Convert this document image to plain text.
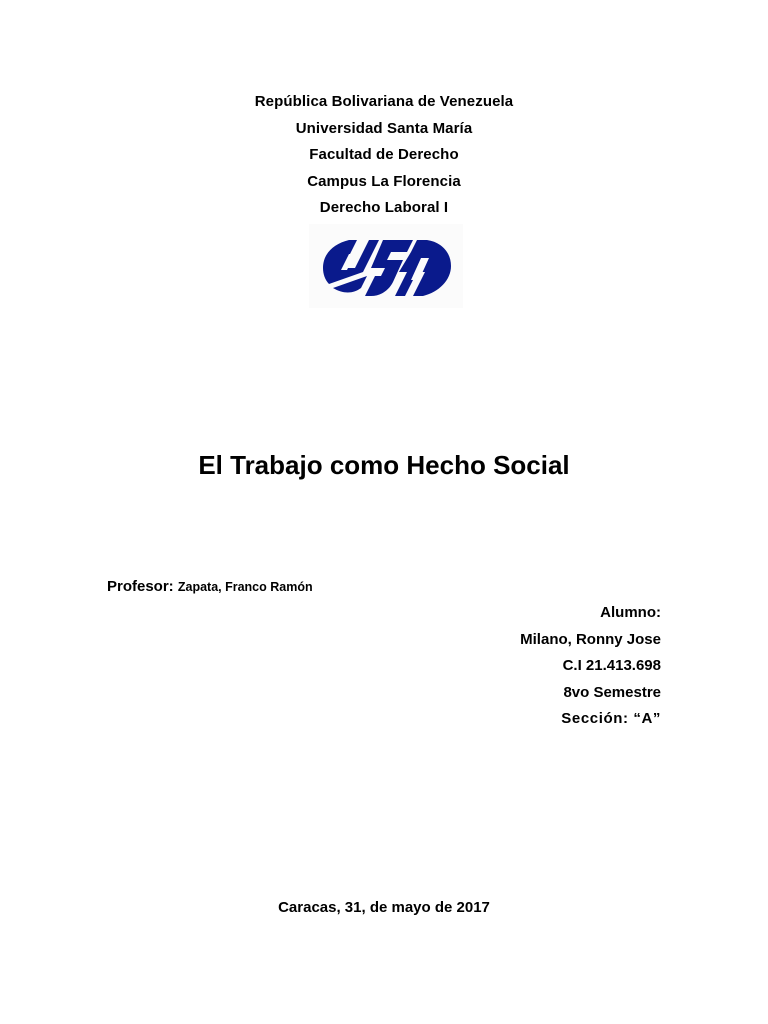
República Bolivariana de Venezuela
Universidad Santa María
Facultad de Derecho
Campus La Florencia
Derecho Laboral I
El Trabajo como Hecho Social
Profesor: Zapata, Franco Ramón
Alumno:
Milano, Ronny Jose
C.I 21.413.698
8vo Semestre
Sección: “A”
Caracas, 31, de mayo de 2017
